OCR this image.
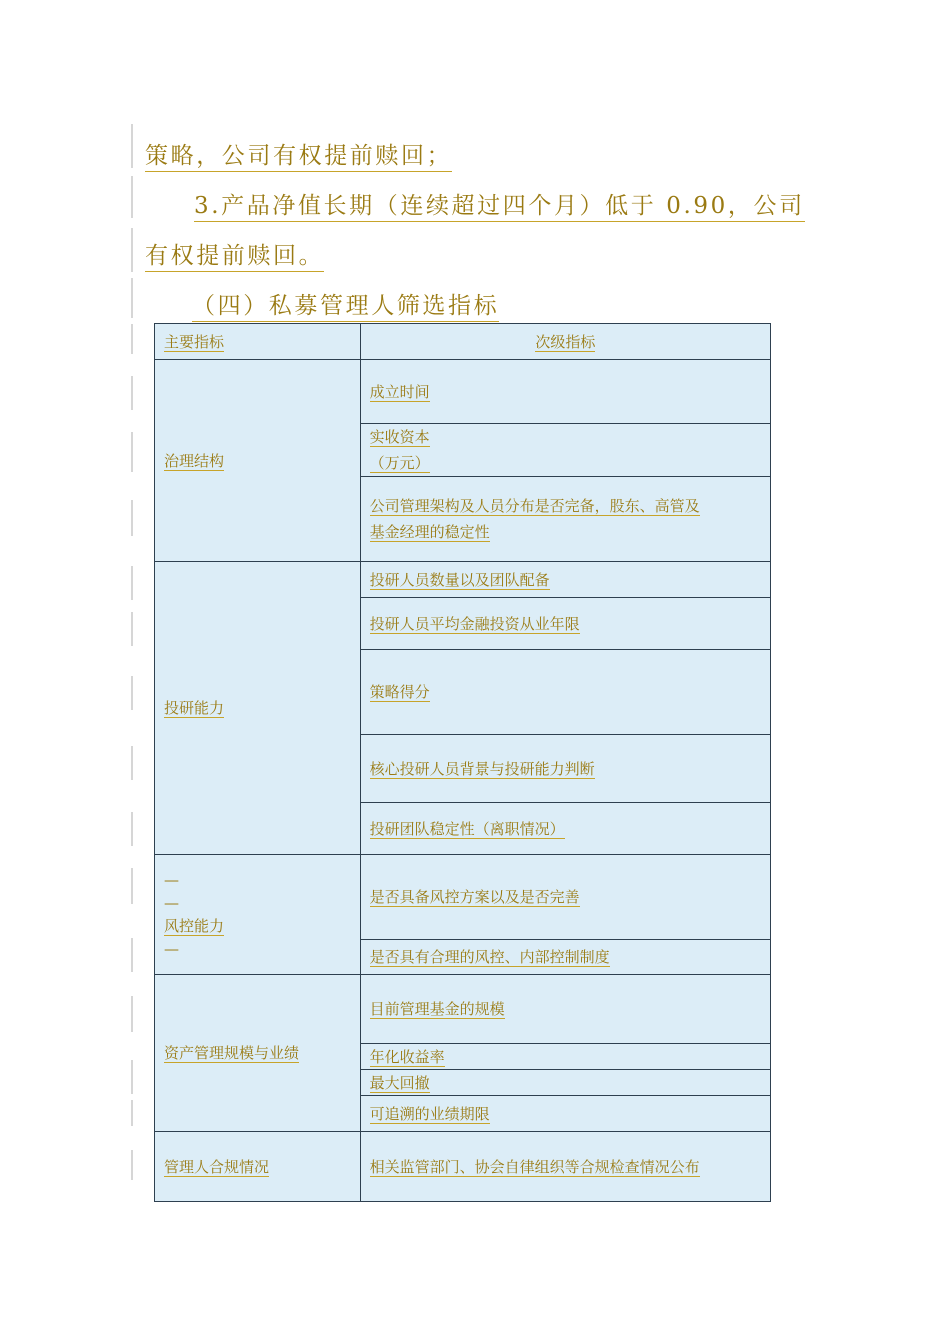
策略，公司有权提前赎回；
3.产品净值长期（连续超过四个月）低于 0.90，公司
有权提前赎回。
（四）私募管理人筛选指标
主要指标	次级指标
治理结构	成立时间
	实收资本
（万元）
	公司管理架构及人员分布是否完备，股东、高管及
基金经理的稳定性
投研能力	投研人员数量以及团队配备
	投研人员平均金融投资从业年限
	策略得分
	核心投研人员背景与投研能力判断
	投研团队稳定性（离职情况）
—
—
风控能力
—	是否具备风控方案以及是否完善
	是否具有合理的风控、内部控制制度
资产管理规模与业绩	目前管理基金的规模
	年化收益率
	最大回撤
	可追溯的业绩期限
管理人合规情况	相关监管部门、协会自律组织等合规检查情况公布
